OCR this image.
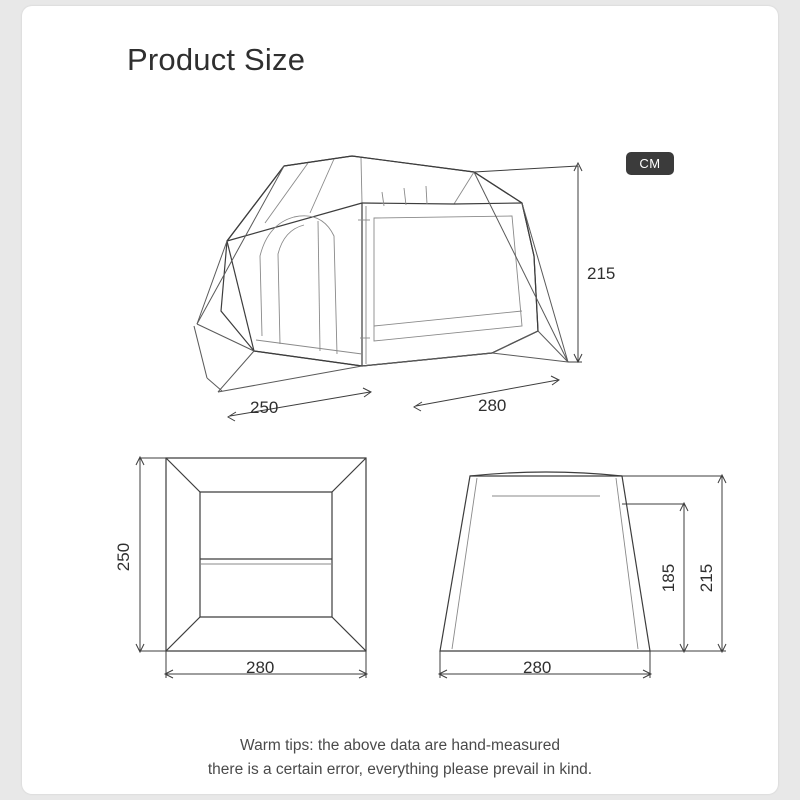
Product Size
CM
215
250	280
250
280
185 215
280
Warm tips: the above data are hand-measured
there is a certain error, everything please prevail in kind.
